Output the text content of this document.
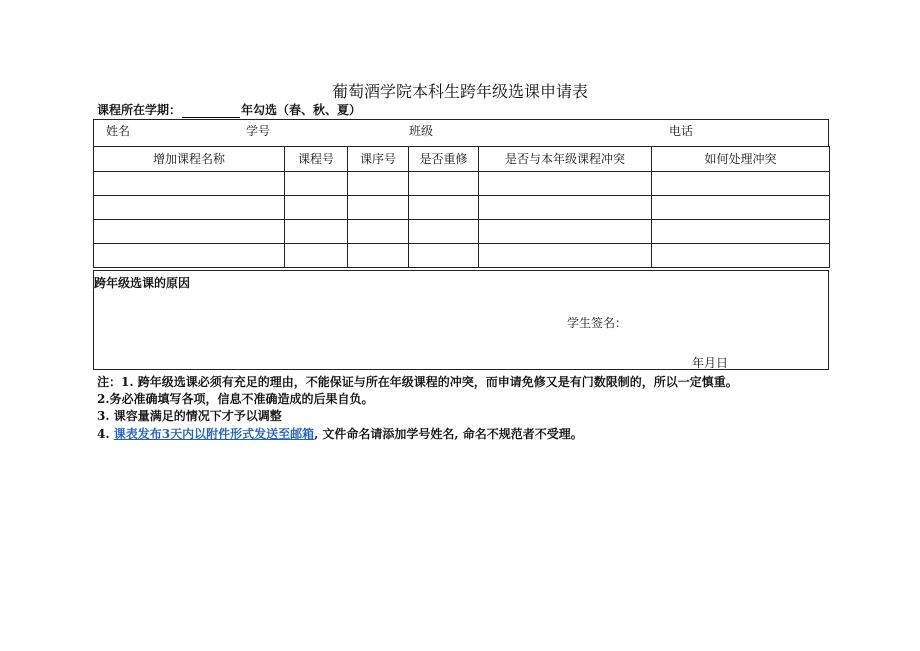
葡萄酒学院本科生跨年级选课申请表
课程所在学期：	年勾选（春、秋、夏）
姓名	学号	班级	电话
增加课程名称	课程号	课序号	是否重修	是否与本年级课程冲突	如何处理冲突

跨年级选课的原因
学生签名：
年月日
注：1. 跨年级选课必须有充足的理由，不能保证与所在年级课程的冲突，而申请免修又是有门数限制的，所以一定慎重。
2.务必准确填写各项，信息不准确造成的后果自负。
3. 课容量满足的情况下才予以调整
4. 课表发布3天内以附件形式发送至邮箱, 文件命名请添加学号姓名, 命名不规范者不受理。
